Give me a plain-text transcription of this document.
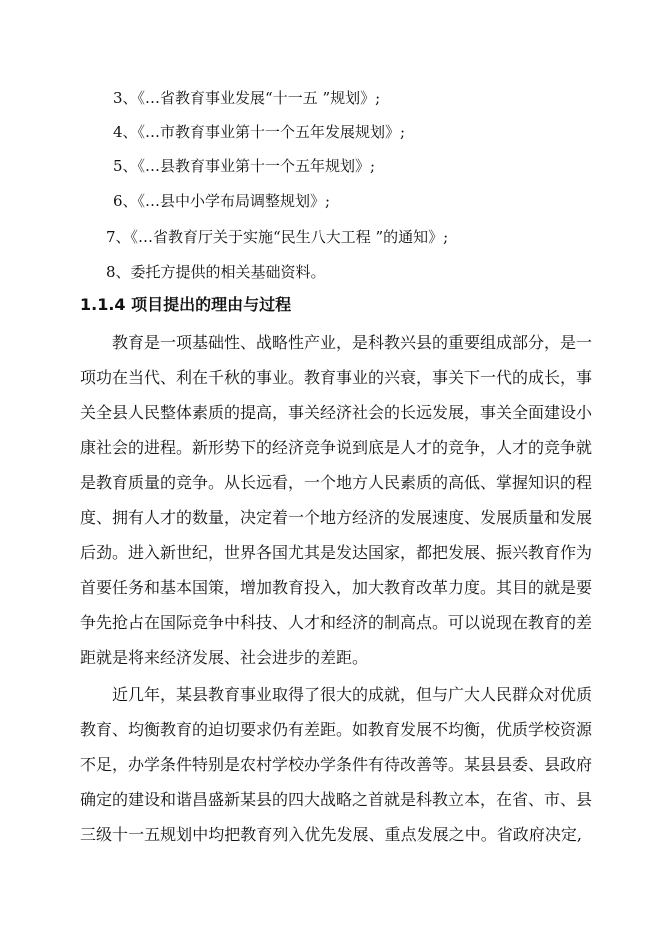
3、《…省教育事业发展“十一五 ”规划》;
4、《…市教育事业第十一个五年发展规划》;
5、《…县教育事业第十一个五年规划》;
6、《…县中小学布局调整规划》;
7、《…省教育厅关于实施“民生八大工程 ”的通知》;
8、委托方提供的相关基础资料。
1.1.4 项目提出的理由与过程
教育是一项基础性、战略性产业，是科教兴县的重要组成部分，是一
项功在当代、利在千秋的事业。教育事业的兴衰，事关下一代的成长，事
关全县人民整体素质的提高，事关经济社会的长远发展，事关全面建设小
康社会的进程。新形势下的经济竞争说到底是人才的竞争，人才的竞争就
是教育质量的竞争。从长远看，一个地方人民素质的高低、掌握知识的程
度、拥有人才的数量，决定着一个地方经济的发展速度、发展质量和发展
后劲。进入新世纪，世界各国尤其是发达国家，都把发展、振兴教育作为
首要任务和基本国策，增加教育投入，加大教育改革力度。其目的就是要
争先抢占在国际竞争中科技、人才和经济的制高点。可以说现在教育的差
距就是将来经济发展、社会进步的差距。
近几年，某县教育事业取得了很大的成就，但与广大人民群众对优质
教育、均衡教育的迫切要求仍有差距。如教育发展不均衡，优质学校资源
不足，办学条件特别是农村学校办学条件有待改善等。某县县委、县政府
确定的建设和谐昌盛新某县的四大战略之首就是科教立本，在省、市、县
三级十一五规划中均把教育列入优先发展、重点发展之中。省政府决定,
